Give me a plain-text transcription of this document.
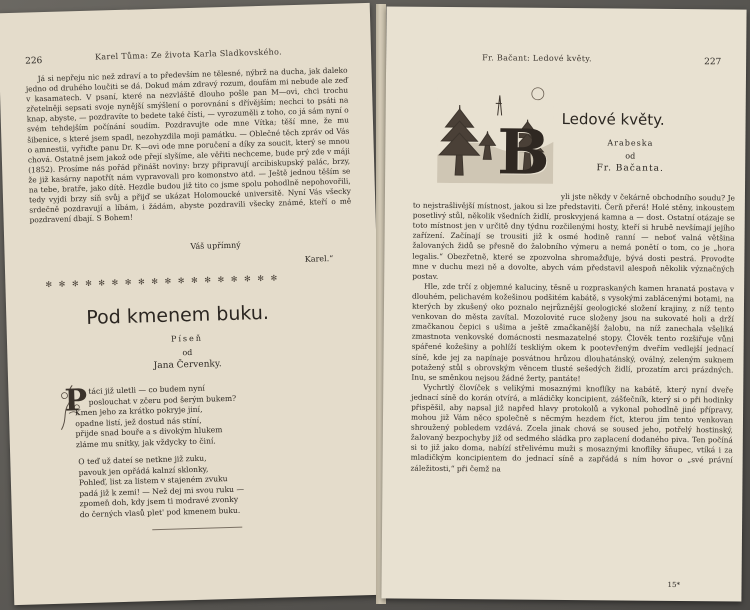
226	Karel Tůma: Ze života Karla Sladkovského.

Já si nepřeju nic než zdraví a to především ne tělesné, nýbrž na ducha, jak daleko jedno od druhého loučiti se dá. Dokud mám zdravý rozum, doufám mi nebude ale zeď v kasamatech. V psaní, které na nezvláště dlouho pošle pan M—ovi, chci trochu zřetelněji sepsati svoje nynější smýšlení o porovnání s dřívějším; nechci to psáti na knap, abyste, — pozdravíte to bedete také čísti, — vyrozuměli z toho, co já sám nyní o svém tehdejším počínání soudím. Pozdravujte ode mne Vítka; těší mne, že mu šibenice, s které jsem spadl, nezohyzdila moji památku. — Oblečné těch zpráv od Vás o amnestii, vyřiďte panu Dr. K—ovi ode mne poručení a díky za soucit, který se mnou chová. Ostatně jsem jakož ode přejí slyšíme, ale věřiti nechceme, bude prý zde v máji (1852). Prosíme nás pořád přinášt noviny: brzy připravují arcibiskupský palác, brzy, že již kasárny napotřít nám vypravovali pro komonstvo atd. — Ještě jednou těším se na tebe, bratře, jako dítě. Hezdle budou již tito co jsme spolu pohodlně nepohovořili, tedy vyjdi brzy síň svůj a přijď se ukázat Holomoucké universitě. Nyní Vás všecky srdečně pozdravují a líbám, i žádám, abyste pozdravili všecky známé, kteří o mě pozdravení dbají. S Bohem!

Váš upřímný
Karel.“
✻ ✻ ✻ ✻ ✻ ✻ ✻ ✻ ✻ ✻ ✻ ✻ ✻ ✻ ✻ ✻ ✻ ✻
Pod kmenem buku.
Píseň
od
Jana Červenky.
P táci již uletli — co budem nyní
poslouchat v zčeru pod šerým bukem?
Kmen jeho za krátko pokryje jiní,
opadne listí, jež dostud nás stíní,
přijde snad bouře a s divokým hlukem
zláme mu snítky, jak vždycky to činí.
O teď už dateí se netkne již zuku,
pavouk jen opřádá kalnzí sklonky,
Pohleď, list za listem v stajeném zvuku
padá již k zemi! — Než dej mi svou ruku —
zpomeň doh, kdy jsem ti modravé zvonky
do černých vlasů plet' pod kmenem buku.
Fr. Bačant: Ledové květy.	227
B Ledové květy.
Arabeska
od
Fr. Bačanta.

yli jste někdy v čekárně obchodního soudu? Je to nejstrašlivější místnost, jakou si lze představiti. Čerň přerá! Holé stěny, inkoustem posetlivý stůl, několik všedních židlí, proskvyjená kamna a — dost. Ostatní otázaje se toto místnost jen v určitě dny týdnu rozčilenými hosty, kteří si hrubě nevšímají jejího zařízení. Začínají se trousiti již k osmé hodině ranní — neboť valná většina žalovaných židů se přesně do žalobního výmeru a nemá ponětí o tom, co je „hora legalis.“ Obezřetně, které se zpozvolna shromažďuje, bývá dosti pestrá. Provodte mne v duchu mezi ně a dovolte, abych vám představil alespoň několik význačných postav.

Hle, zde trčí z objemné kaluciny, těsně u rozpraskaných kamen hranatá postava v dlouhém, pelichavém kožešinou podšitém kabátě, s vysokými zablácenými botami, na kterých by zkušený oko poznalo nejrůznější geologické složení krajiny, z níž tento venkovan do města zavítal. Mozolovité ruce složeny jsou na sukovaté holi a drží zmačkanou čepici s ušima a ještě zmačkanější žalobu, na níž zanechala všeliká zmastnota venkovské domácnosti nesmazatelné stopy. Člověk tento rozšiřuje vůni spářené kožešiny a pohlíží teskliým okem k pootevřeným dveřím vedlejší jednací síně, kde jej za napínaje posvátnou hrůzou dlouhatánský, oválný, zeleným suknem potažený stůl s obrovským věncem tlusté sešedých židlí, prozatím arci prázdných. Inu, se směnkou nejsou žádné žerty, pantáte!

Vychrtlý človíček s velikými mosaznými knoflíky na kabátě, který nyní dveře jednací síně do korán otvírá, a mládičky koncipient, zášťečník, který si o při hodinky přispěšil, aby napsal již napřed hlavy protokolů a vykonal pohodlně jiné přípravy, mohou již Vám něco společně s něcmým hezdem říct, kterou jím tento venkovan shroužený pobledem vzdává. Zcela jinak chová se soused jeho, potřelý hostinský, žalovaný bezpochyby již od sedmého sládka pro zaplacení dodaného piva. Ten počíná si to již jako doma, nabízí střelivému muži s mosaznými knoflíky šňupec, vtíká i za mladičkým koncipientem do jednací síně a zapřádá s ním hovor o „své právní záležitosti,“ při čemž na

15*
